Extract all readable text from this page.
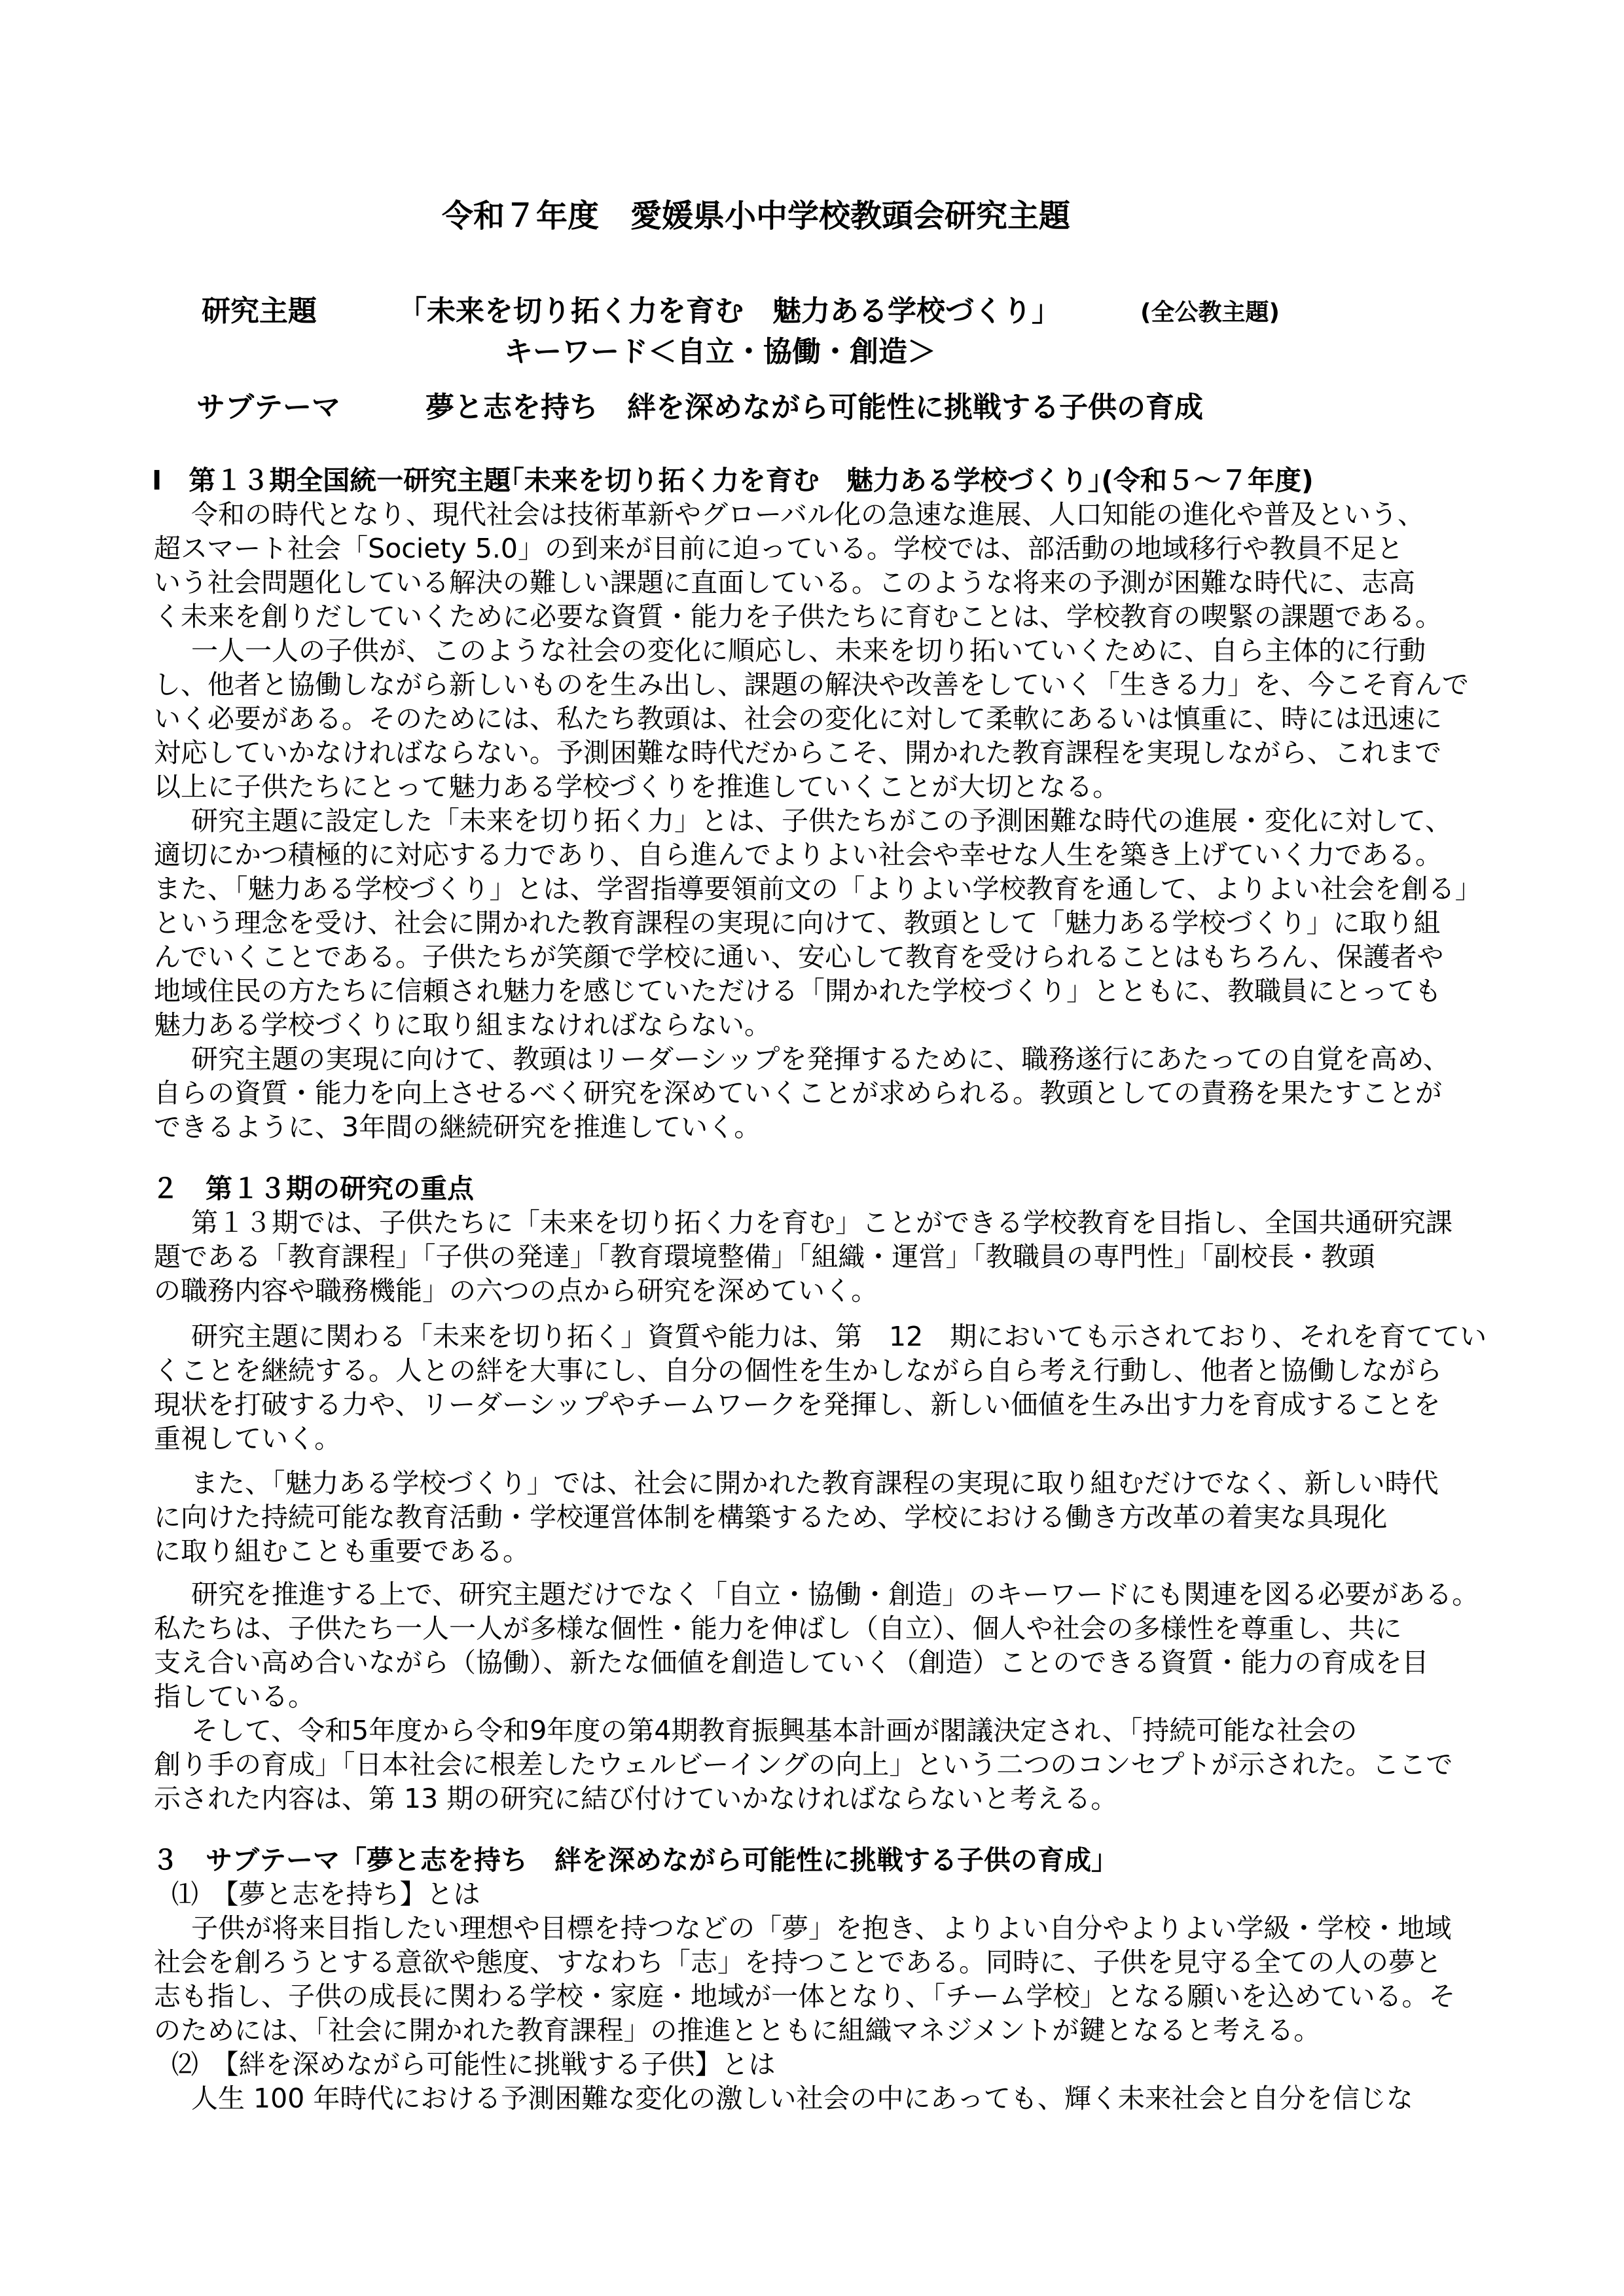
令和７年度　愛媛県小中学校教頭会研究主題
研究主題	「未来を切り拓く力を育む　魅力ある学校づくり」	(全公教主題)
キーワード＜自立・協働・創造＞
サブテーマ	夢と志を持ち　絆を深めながら可能性に挑戦する子供の育成
Ⅰ　第１３期全国統一研究主題｢未来を切り拓く力を育む　魅力ある学校づくり｣(令和５～７年度)
令和の時代となり、現代社会は技術革新やグローバル化の急速な進展、人口知能の進化や普及という、
超スマート社会「Society 5.0」の到来が目前に迫っている。学校では、部活動の地域移行や教員不足と
いう社会問題化している解決の難しい課題に直面している。このような将来の予測が困難な時代に、志高
く未来を創りだしていくために必要な資質・能力を子供たちに育むことは、学校教育の喫緊の課題である。
一人一人の子供が、このような社会の変化に順応し、未来を切り拓いていくために、自ら主体的に行動
し、他者と協働しながら新しいものを生み出し、課題の解決や改善をしていく「生きる力」を、今こそ育んで
いく必要がある。そのためには、私たち教頭は、社会の変化に対して柔軟にあるいは慎重に、時には迅速に
対応していかなければならない。予測困難な時代だからこそ、開かれた教育課程を実現しながら、これまで
以上に子供たちにとって魅力ある学校づくりを推進していくことが大切となる。
研究主題に設定した「未来を切り拓く力」とは、子供たちがこの予測困難な時代の進展・変化に対して、
適切にかつ積極的に対応する力であり、自ら進んでよりよい社会や幸せな人生を築き上げていく力である。
また、「魅力ある学校づくり」とは、学習指導要領前文の「よりよい学校教育を通して、よりよい社会を創る」
という理念を受け、社会に開かれた教育課程の実現に向けて、教頭として「魅力ある学校づくり」に取り組
んでいくことである。子供たちが笑顔で学校に通い、安心して教育を受けられることはもちろん、保護者や
地域住民の方たちに信頼され魅力を感じていただける「開かれた学校づくり」とともに、教職員にとっても
魅力ある学校づくりに取り組まなければならない。
研究主題の実現に向けて、教頭はリーダーシップを発揮するために、職務遂行にあたっての自覚を高め、
自らの資質・能力を向上させるべく研究を深めていくことが求められる。教頭としての責務を果たすことが
できるように、3年間の継続研究を推進していく。
２　第１３期の研究の重点
第１３期では、子供たちに「未来を切り拓く力を育む」ことができる学校教育を目指し、全国共通研究課
題である「教育課程」「子供の発達」「教育環境整備」「組織・運営」「教職員の専門性」「副校長・教頭
の職務内容や職務機能」の六つの点から研究を深めていく。
研究主題に関わる「未来を切り拓く」資質や能力は、第　12　期においても示されており、それを育ててい
くことを継続する。人との絆を大事にし、自分の個性を生かしながら自ら考え行動し、他者と協働しながら
現状を打破する力や、リーダーシップやチームワークを発揮し、新しい価値を生み出す力を育成することを
重視していく。
また、「魅力ある学校づくり」では、社会に開かれた教育課程の実現に取り組むだけでなく、新しい時代
に向けた持続可能な教育活動・学校運営体制を構築するため、学校における働き方改革の着実な具現化
に取り組むことも重要である。
研究を推進する上で、研究主題だけでなく「自立・協働・創造」のキーワードにも関連を図る必要がある。
私たちは、子供たち一人一人が多様な個性・能力を伸ばし（自立）、個人や社会の多様性を尊重し、共に
支え合い高め合いながら（協働）、新たな価値を創造していく（創造）ことのできる資質・能力の育成を目
指している。
そして、令和5年度から令和9年度の第4期教育振興基本計画が閣議決定され、「持続可能な社会の
創り手の育成」「日本社会に根差したウェルビーイングの向上」という二つのコンセプトが示された。ここで
示された内容は、第 13 期の研究に結び付けていかなければならないと考える。
３　サブテーマ「夢と志を持ち　絆を深めながら可能性に挑戦する子供の育成」
⑴　【夢と志を持ち】とは
子供が将来目指したい理想や目標を持つなどの「夢」を抱き、よりよい自分やよりよい学級・学校・地域
社会を創ろうとする意欲や態度、すなわち「志」を持つことである。同時に、子供を見守る全ての人の夢と
志も指し、子供の成長に関わる学校・家庭・地域が一体となり、「チーム学校」となる願いを込めている。そ
のためには、「社会に開かれた教育課程」の推進とともに組織マネジメントが鍵となると考える。
⑵　【絆を深めながら可能性に挑戦する子供】とは
人生 100 年時代における予測困難な変化の激しい社会の中にあっても、輝く未来社会と自分を信じな
